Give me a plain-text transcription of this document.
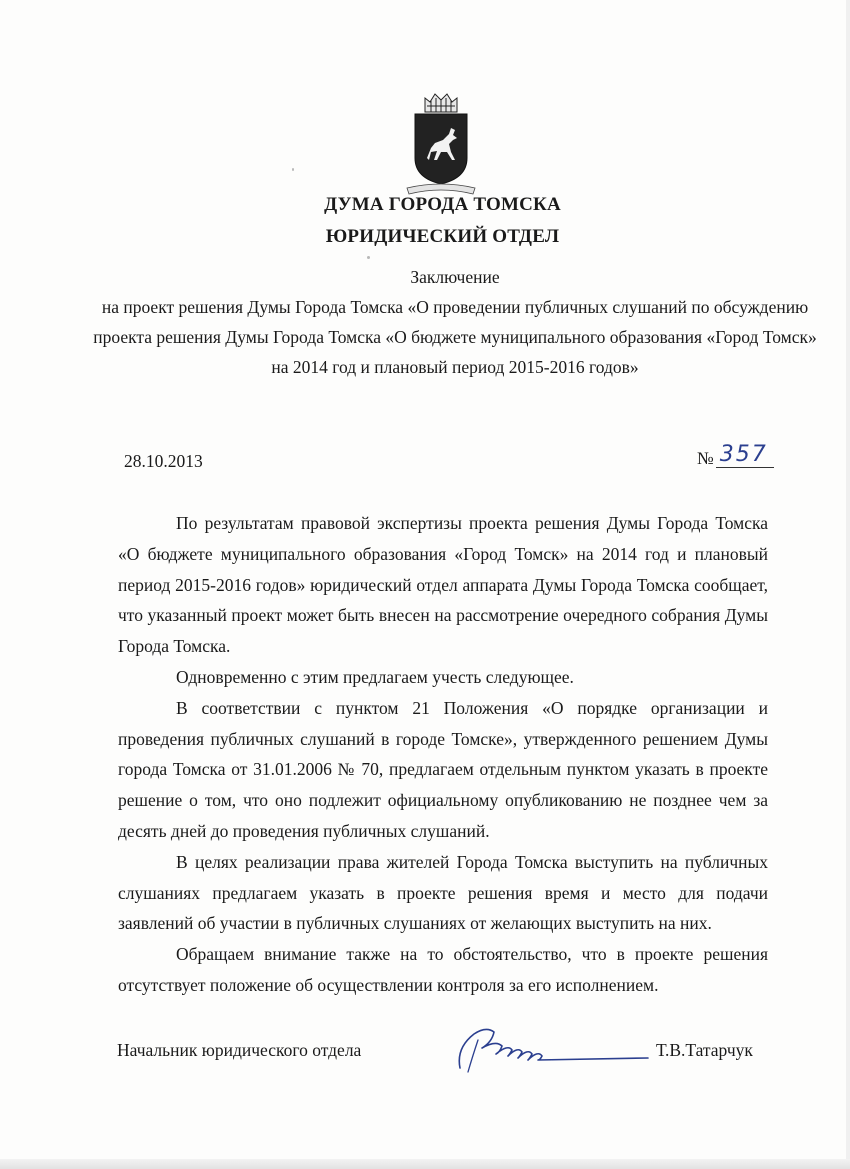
ДУМА ГОРОДА ТОМСКА
ЮРИДИЧЕСКИЙ ОТДЕЛ
Заключение
на проект решения Думы Города Томска «О проведении публичных слушаний по обсуждению проекта решения Думы Города Томска «О бюджете муниципального образования «Город Томск» на 2014 год и плановый период 2015-2016 годов»
28.10.2013	№ 357

По результатам правовой экспертизы проекта решения Думы Города Томска «О бюджете муниципального образования «Город Томск» на 2014 год и плановый период 2015-2016 годов» юридический отдел аппарата Думы Города Томска сообщает, что указанный проект может быть внесен на рассмотрение очередного собрания Думы Города Томска.

Одновременно с этим предлагаем учесть следующее.

В соответствии с пунктом 21 Положения «О порядке организации и проведения публичных слушаний в городе Томске», утвержденного решением Думы города Томска от 31.01.2006 № 70, предлагаем отдельным пунктом указать в проекте решение о том, что оно подлежит официальному опубликованию не позднее чем за десять дней до проведения публичных слушаний.

В целях реализации права жителей Города Томска выступить на публичных слушаниях предлагаем указать в проекте решения время и место для подачи заявлений об участии в публичных слушаниях от желающих выступить на них.

Обращаем внимание также на то обстоятельство, что в проекте решения отсутствует положение об осуществлении контроля за его исполнением.

Начальник юридического отдела	Т.В.Татарчук
